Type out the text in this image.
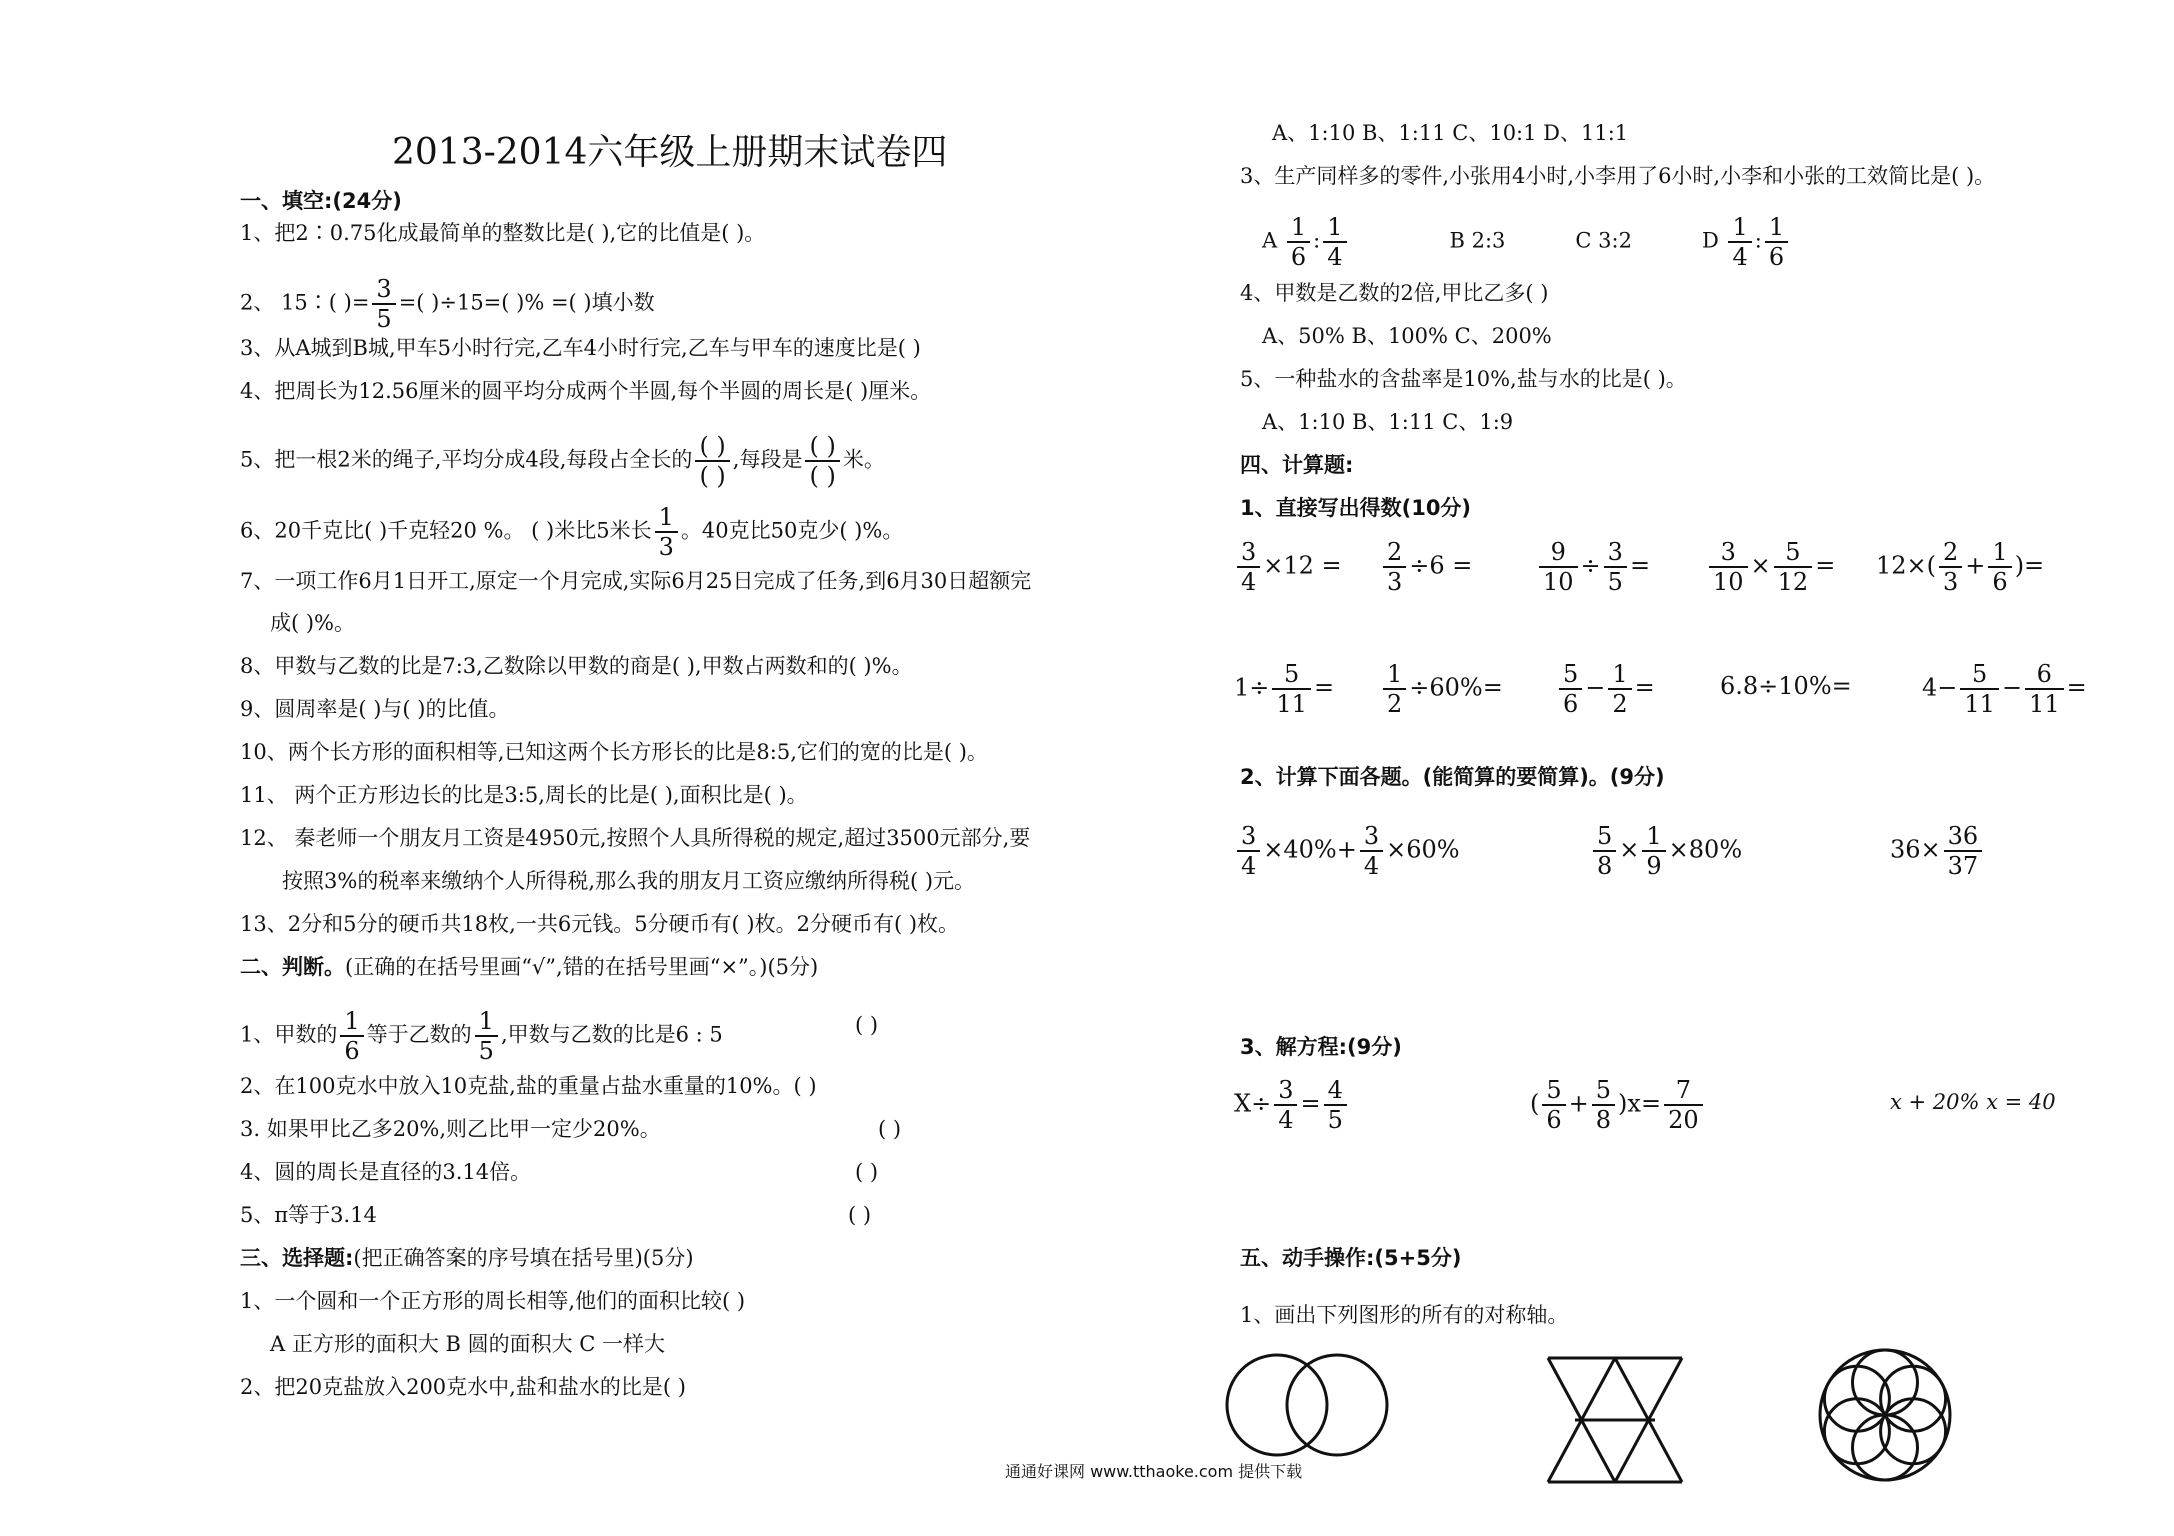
2013-2014六年级上册期末试卷四
一、填空:(24分)
1、把2∶0.75化成最简单的整数比是( ),它的比值是( )。
2、 15∶( )= $\frac{3}{5}$ =( )÷15=( )% =( )填小数
3、从A城到B城,甲车5小时行完,乙车4小时行完,乙车与甲车的速度比是( )
4、把周长为12.56厘米的圆平均分成两个半圆,每个半圆的周长是( )厘米。
5、把一根2米的绳子,平均分成4段,每段占全长的 ( )
( )
,每段是 ( )
( )
米。
6、20千克比( )千克轻20 %。 ( )米比5米长 $\frac{1}{3}$ 。40克比50克少( )%。
7、一项工作6月1日开工,原定一个月完成,实际6月25日完成了任务,到6月30日超额完
成( )%。
8、甲数与乙数的比是7:3,乙数除以甲数的商是( ),甲数占两数和的( )%。
9、圆周率是( )与( )的比值。
10、两个长方形的面积相等,已知这两个长方形长的比是8:5,它们的宽的比是( )。
11、 两个正方形边长的比是3:5,周长的比是( ),面积比是( )。
12、 秦老师一个朋友月工资是4950元,按照个人具所得税的规定,超过3500元部分,要
按照3%的税率来缴纳个人所得税,那么我的朋友月工资应缴纳所得税( )元。
13、2分和5分的硬币共18枚,一共6元钱。5分硬币有( )枚。2分硬币有( )枚。
二、判断。(正确的在括号里画“√”,错的在括号里画“×”。)(5分)
1、甲数的 $\frac{1}{6}$ 等于乙数的 $\frac{1}{5}$ ,甲数与乙数的比是6 : 5	( )
2、在100克水中放入10克盐,盐的重量占盐水重量的10%。( )
3. 如果甲比乙多20%,则乙比甲一定少20%。	( )
4、圆的周长是直径的3.14倍。	( )
5、π等于3.14	( )
三、选择题:(把正确答案的序号填在括号里)(5分)
1、一个圆和一个正方形的周长相等,他们的面积比较( )
A 正方形的面积大 B 圆的面积大 C 一样大
2、把20克盐放入200克水中,盐和盐水的比是( )
A、1:10 B、1:11 C、10:1 D、11:1
3、生产同样多的零件,小张用4小时,小李用了6小时,小李和小张的工效简比是( )。
A $\frac{1}{6}$ : $\frac{1}{4}$	B 2:3	C 3:2	D $\frac{1}{4}$ : $\frac{1}{6}$
4、甲数是乙数的2倍,甲比乙多( )
A、50% B、100% C、200%
5、一种盐水的含盐率是10%,盐与水的比是( )。
A、1:10 B、1:11 C、1:9
四、计算题:
1、直接写出得数(10分)
$\frac{3}{4} \times 12 = \frac{2}{3} \div 6$ =	$\frac{9}{10} \div \frac{3}{5} = \frac{3}{10} \times \frac{5}{12} = 12\times( \frac{2}{3} + \frac{1}{6}$ )=
$1\div \frac{5}{11} = \frac{1}{2} \div 60\%= \frac{5}{6} - \frac{1}{2}$ =	6.8÷10%=	$4- \frac{5}{11} - \frac{6}{11}$ =
2、计算下面各题。(能简算的要简算)。(9分)
$\frac{3}{4} \times 40\%+ \frac{3}{4} \times 60\%$	$\frac{5}{8} \times \frac{1}{9} \times 80\%$	$36\times \frac{36}{37}$
3、解方程:(9分)
$X\div \frac{3}{4} = \frac{4}{5}$	( $\frac{5}{6} + \frac{5}{8} )x= \frac{7}{20}$	x + 20% x = 40
五、动手操作:(5+5分)
1、画出下列图形的所有的对称轴。
通通好课网 www.tthaoke.com 提供下载
